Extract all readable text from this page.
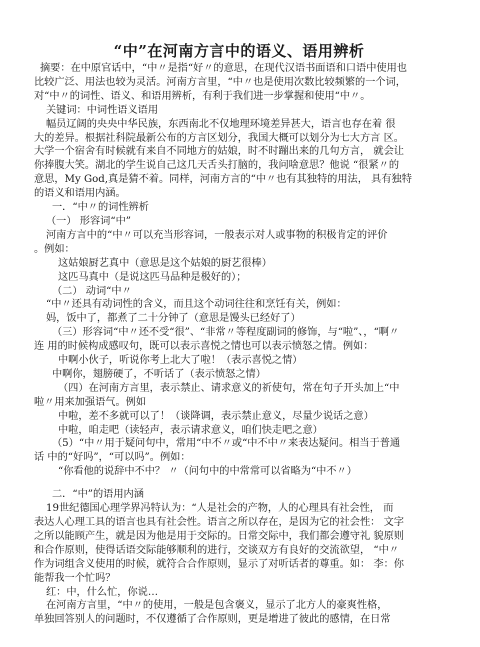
“中”在河南方言中的语义、语用辨析
摘要：在中原官话中，“中〃是指“好〃的意思，在现代汉语书面语和口语中使用也
比较广泛、用法也较为灵活。河南方言里，“中〃也是使用次数比较频繁的一个词，
对“中〃的词性、语义、和语用辨析，有利于我们进一步掌握和使用“中〃。
关键词：中词性语义语用
幅员辽阔的央央中华民族，东西南北不仅地理环境差异甚大，语言也存在着 很
大的差异。根据社科院最新公布的方言区划分，我国大概可以划分为七大方言 区。
大学一个宿舍有时候就有来自不同地方的姑娘，时不时蹦出来的几句方言， 就会让
你捧腹大笑。湖北的学生说自己这几天舌头打脑的，我问啥意思？他说 “很紧〃的
意思，My God,真是猜不着。同样，河南方言的“中〃也有其独特的用法， 具有独特
的语义和语用内涵。
一．“中〃的词性辨析
（一） 形容词“中”
河南方言中的“中〃可以充当形容词，一般表示对人或事物的积极肯定的评价
。例如：
这姑娘厨艺真中（意思是这个姑娘的厨艺很棒）
这匹马真中（是说这匹马品种是极好的）；
（二） 动词“中〃
“中〃还具有动词性的含义，而且这个动词往往和烹饪有关，例如：
妈，饭中了，都煮了二十分钟了（意思是馒头已经好了）
（三）形容词“中〃还不受“很”、“非常〃等程度副词的修饰，与“啦”、，“啊〃
连 用的时候构成感叹句，既可以表示喜悦之情也可以表示愤怒之情。例如：
中啊小伙子，听说你考上北大了啦！（表示喜悦之情）
中啊你，翅膀硬了，不听话了（表示愤怒之情）
（四）在河南方言里，表示禁止、请求意义的祈使句，常在句子开头加上“中
啦〃用来加强语气。例如
中啦，差不多就可以了！（谈降调，表示禁止意义，尽量少说话之意）
中啦，咱走吧（读轻声，表示请求意义，咱们快走吧之意）
（5）“中〃用于疑问句中，常用“中不〃或“中不中〃来表达疑问。相当于普通
话 中的“好吗”，“可以吗”。例如：
“你看他的说辞中不中？ 〃（问句中的中常常可以省略为“中不〃）
二．“中”的语用内涵
19世纪德国心理学界冯特认为：“人是社会的产物，人的心理具有社会性， 而
表达人心理工具的语言也具有社会性。语言之所以存在，是因为它的社会性： 文字
之所以能顾产生，就是因为他是用于交际的。日常交际中，我们都会遵守礼 貌原则
和合作原则，使得话语交际能够顺利的进行，交谈双方有良好的交流欲望， “中〃
作为词组含义使用的时候，就符合合作原则，显示了对听话者的尊重。如： 李：你
能帮我一个忙吗？
红：中，什么忙，你说…
在河南方言里，“中〃的使用，一般是包含褒义，显示了北方人的豪爽性格，
单独回答别人的问题时，不仅遵循了合作原则，更是增进了彼此的感情，在日常
